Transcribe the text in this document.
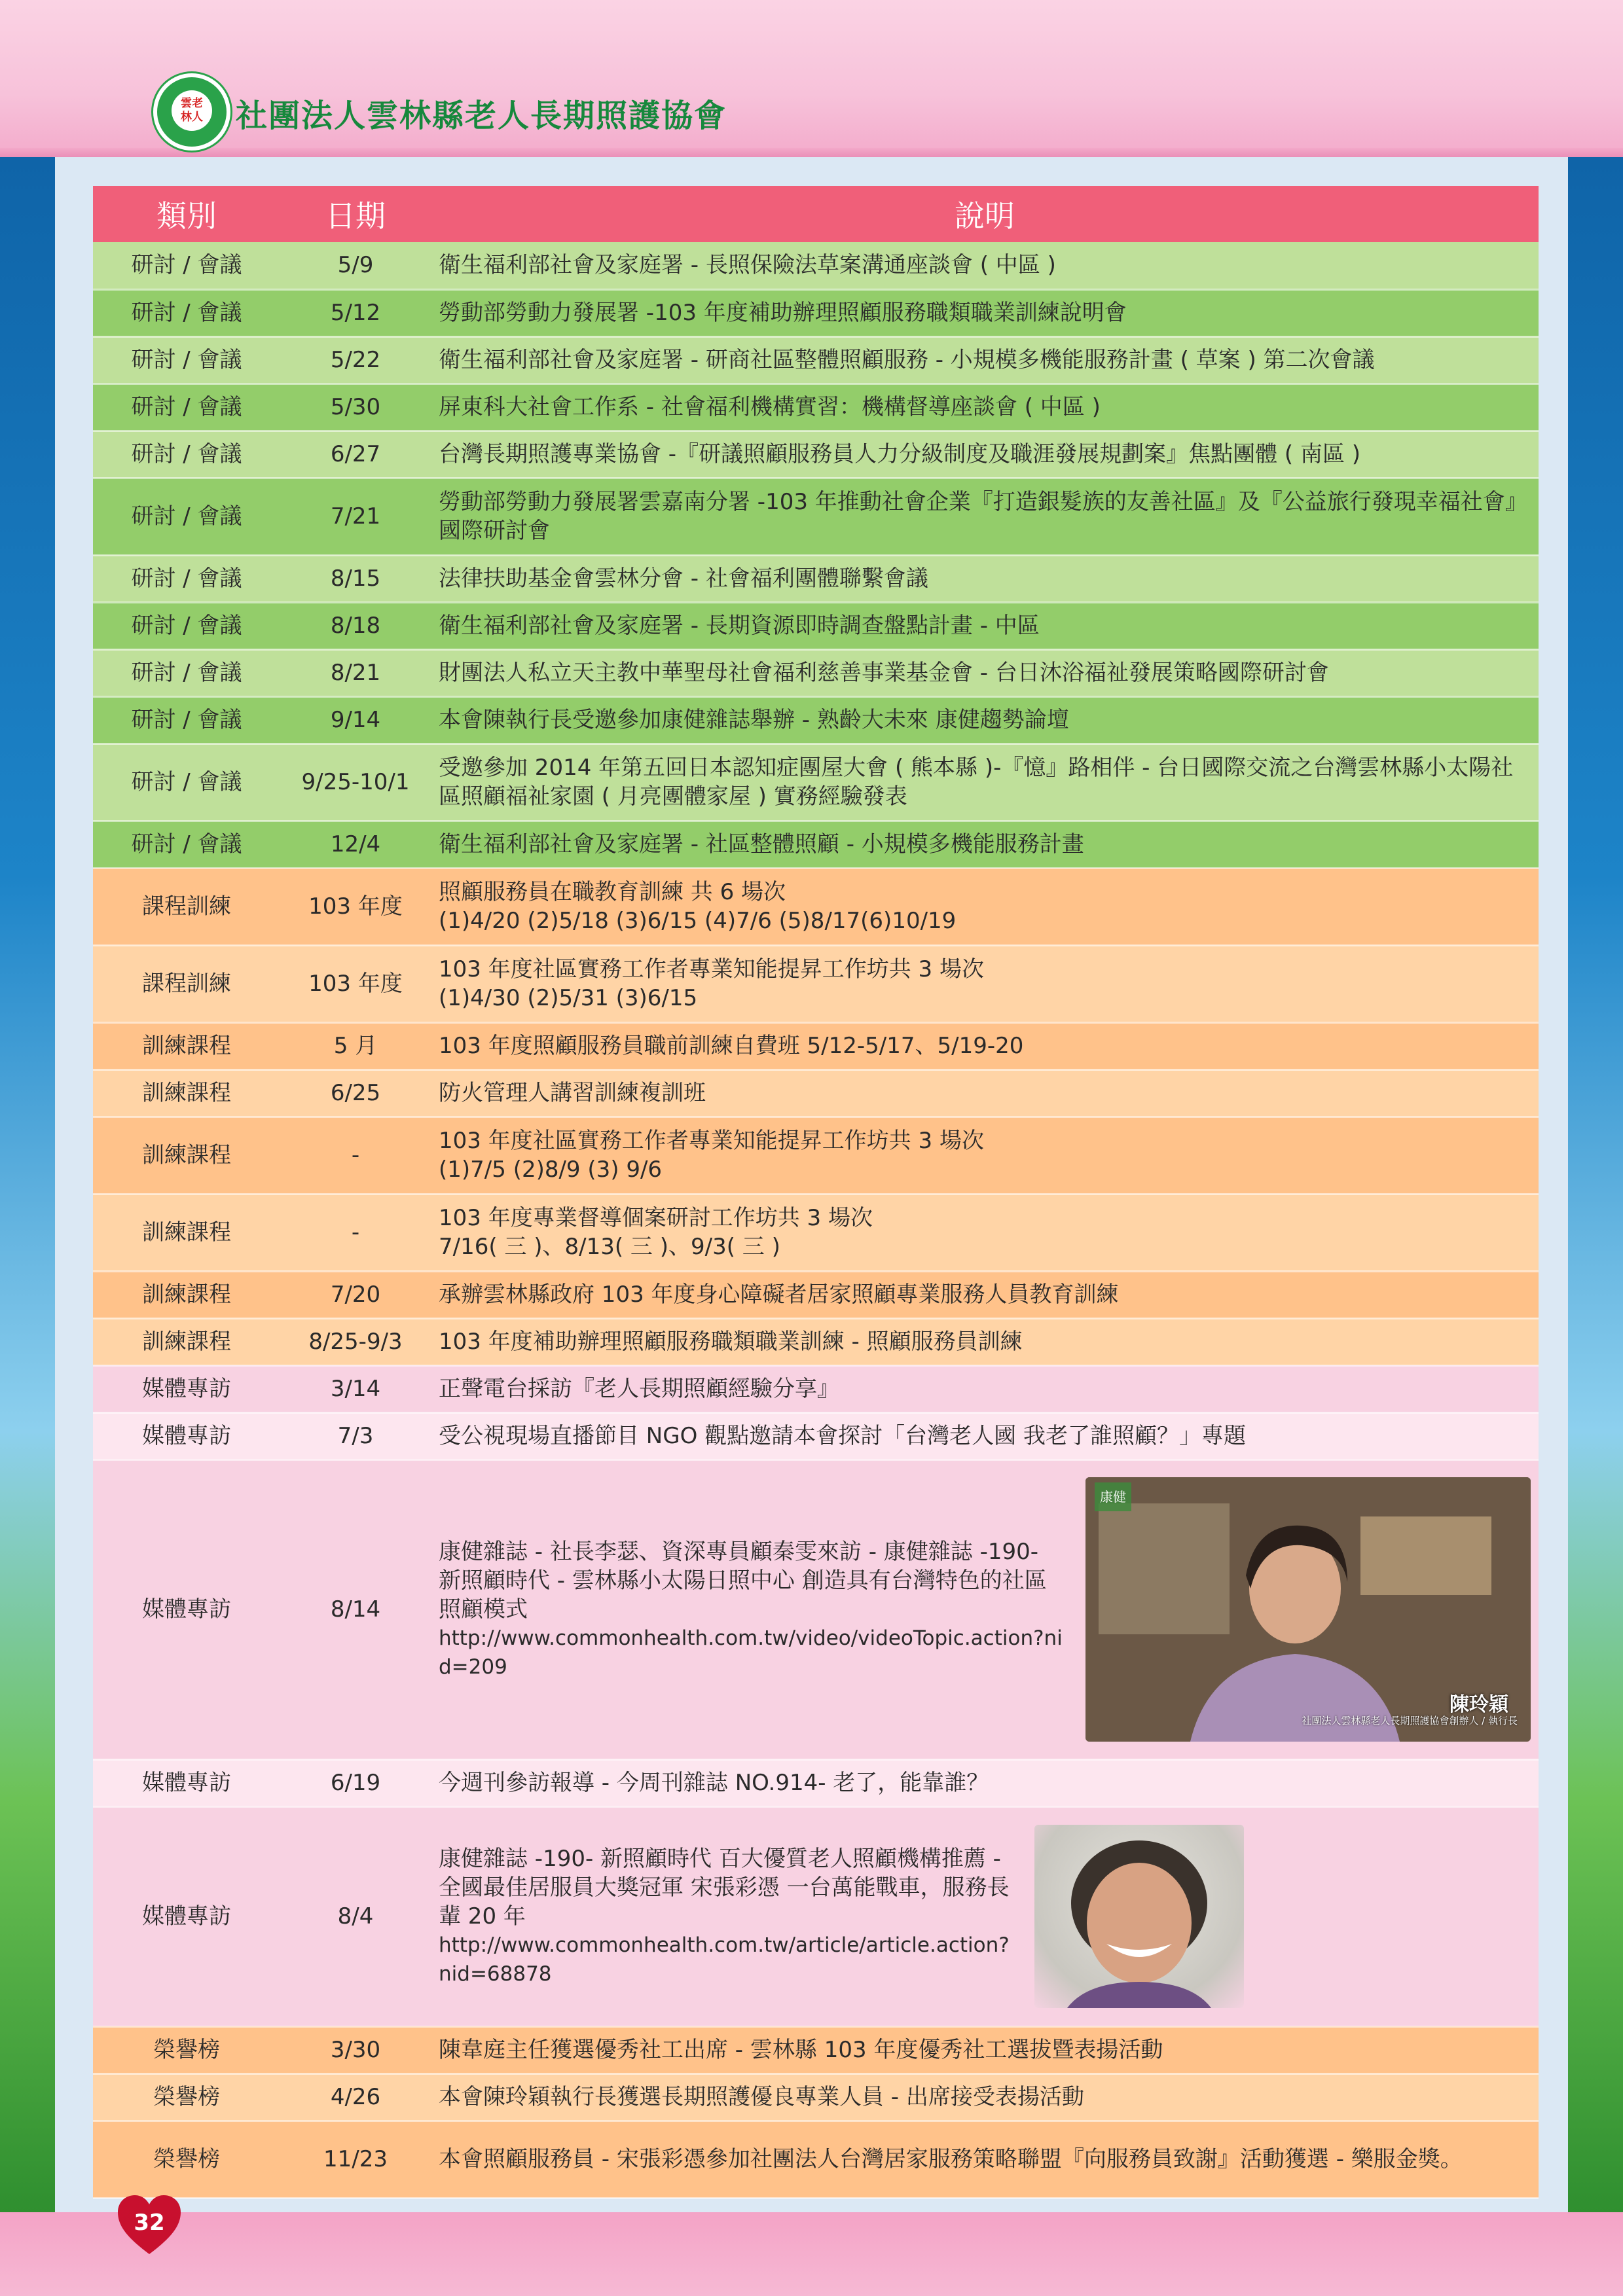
雲老
林人 社團法人雲林縣老人長期照護協會
類別	日期	說明
研討 / 會議	5/9	衛生福利部社會及家庭署 - 長照保險法草案溝通座談會 ( 中區 )
研討 / 會議	5/12	勞動部勞動力發展署 -103 年度補助辦理照顧服務職類職業訓練說明會
研討 / 會議	5/22	衛生福利部社會及家庭署 - 研商社區整體照顧服務 - 小規模多機能服務計畫 ( 草案 ) 第二次會議
研討 / 會議	5/30	屏東科大社會工作系 - 社會福利機構實習：機構督導座談會 ( 中區 )
研討 / 會議	6/27	台灣長期照護專業協會 -『研議照顧服務員人力分級制度及職涯發展規劃案』焦點團體 ( 南區 )
研討 / 會議	7/21	勞動部勞動力發展署雲嘉南分署 -103 年推動社會企業『打造銀髮族的友善社區』及『公益旅行發現幸福社會』國際研討會
研討 / 會議	8/15	法律扶助基金會雲林分會 - 社會福利團體聯繫會議
研討 / 會議	8/18	衛生福利部社會及家庭署 - 長期資源即時調查盤點計畫 - 中區
研討 / 會議	8/21	財團法人私立天主教中華聖母社會福利慈善事業基金會 - 台日沐浴福祉發展策略國際研討會
研討 / 會議	9/14	本會陳執行長受邀參加康健雜誌舉辦 - 熟齡大未來 康健趨勢論壇
研討 / 會議	9/25-10/1	受邀參加 2014 年第五回日本認知症團屋大會 ( 熊本縣 )-『憶』路相伴 - 台日國際交流之台灣雲林縣小太陽社區照顧福祉家園 ( 月亮團體家屋 ) 實務經驗發表
研討 / 會議	12/4	衛生福利部社會及家庭署 - 社區整體照顧 - 小規模多機能服務計畫
課程訓練	103 年度	照顧服務員在職教育訓練 共 6 場次
(1)4/20 (2)5/18 (3)6/15 (4)7/6 (5)8/17(6)10/19

課程訓練	103 年度	103 年度社區實務工作者專業知能提昇工作坊共 3 場次
(1)4/30 (2)5/31 (3)6/15

訓練課程	5 月	103 年度照顧服務員職前訓練自費班 5/12-5/17、5/19-20
訓練課程	6/25	防火管理人講習訓練複訓班
訓練課程	-	103 年度社區實務工作者專業知能提昇工作坊共 3 場次
(1)7/5 (2)8/9 (3) 9/6

訓練課程	-	103 年度專業督導個案研討工作坊共 3 場次
7/16( 三 )、8/13( 三 )、9/3( 三 )

訓練課程	7/20	承辦雲林縣政府 103 年度身心障礙者居家照顧專業服務人員教育訓練
訓練課程	8/25-9/3	103 年度補助辦理照顧服務職類職業訓練 - 照顧服務員訓練
媒體專訪	3/14	正聲電台採訪『老人長期照顧經驗分享』
媒體專訪	7/3	受公視現場直播節目 NGO 觀點邀請本會探討「台灣老人國 我老了誰照顧？」專題
媒體專訪	8/14	康健雜誌 - 社長李瑟、資深專員顧秦雯來訪 - 康健雜誌 -190- 新照顧時代 - 雲林縣小太陽日照中心 創造具有台灣特色的社區照顧模式
http://www.commonhealth.com.tw/video/videoTopic.action?nid=209
康健
陳玲穎
社團法人雲林縣老人長期照護協會創辦人 / 執行長

媒體專訪	6/19	今週刊參訪報導 - 今周刊雜誌 NO.914- 老了，能靠誰？
媒體專訪	8/4	康健雜誌 -190- 新照顧時代 百大優質老人照顧機構推薦 - 全國最佳居服員大獎冠軍 宋張彩憑 一台萬能戰車，服務長輩 20 年
http://www.commonhealth.com.tw/article/article.action?nid=68878

榮譽榜	3/30	陳韋庭主任獲選優秀社工出席 - 雲林縣 103 年度優秀社工選拔暨表揚活動
榮譽榜	4/26	本會陳玲穎執行長獲選長期照護優良專業人員 - 出席接受表揚活動
榮譽榜	11/23	本會照顧服務員 - 宋張彩憑參加社團法人台灣居家服務策略聯盟『向服務員致謝』活動獲選 - 樂服金獎。
32
